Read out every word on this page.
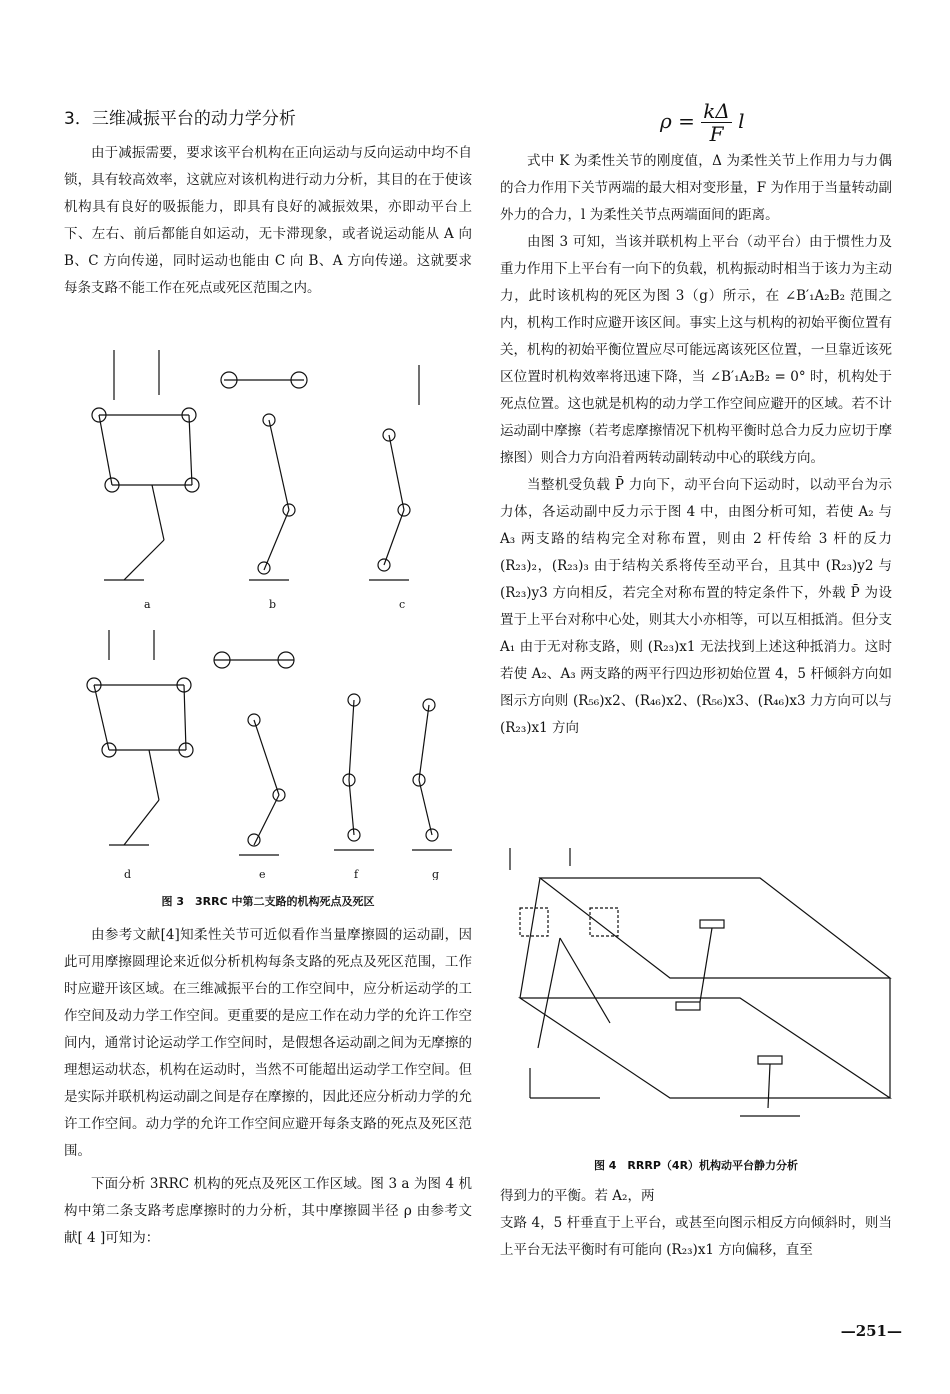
3．三维减振平台的动力学分析	$\rho = \frac{k\Delta}{F}$ l

由于减振需要，要求该平台机构在正向运动与反向运动中均不自锁，具有较高效率，这就应对该机构进行动力分析，其目的在于使该机构具有良好的吸振能力，即具有良好的减振效果，亦即动平台上下、左右、前后都能自如运动，无卡滞现象，或者说运动能从 A 向 B、C 方向传递，同时运动也能由 C 向 B、A 方向传递。这就要求每条支路不能工作在死点或死区范围之内。

a	b	c
d	e	f	g
图 3　3RRC 中第二支路的机构死点及死区

由参考文献[4]知柔性关节可近似看作当量摩擦圆的运动副，因此可用摩擦圆理论来近似分析机构每条支路的死点及死区范围，工作时应避开该区域。在三维减振平台的工作空间中，应分析运动学的工作空间及动力学工作空间。更重要的是应工作在动力学的允许工作空间内，通常讨论运动学工作空间时，是假想各运动副之间为无摩擦的理想运动状态，机构在运动时，当然不可能超出运动学工作空间。但是实际并联机构运动副之间是存在摩擦的，因此还应分析动力学的允许工作空间。动力学的允许工作空间应避开每条支路的死点及死区范围。

下面分析 3RRC 机构的死点及死区工作区域。图 3 a 为图 4 机构中第二条支路考虑摩擦时的力分析，其中摩擦圆半径 ρ 由参考文献[ 4 ]可知为：

式中 K 为柔性关节的刚度值，Δ 为柔性关节上作用力与力偶的合力作用下关节两端的最大相对变形量，F 为作用于当量转动副外力的合力，l 为柔性关节点两端面间的距离。

由图 3 可知，当该并联机构上平台（动平台）由于惯性力及重力作用下上平台有一向下的负载，机构振动时相当于该力为主动力，此时该机构的死区为图 3（g）所示，在 ∠B′₁A₂B₂ 范围之内，机构工作时应避开该区间。事实上这与机构的初始平衡位置有关，机构的初始平衡位置应尽可能远离该死区位置，一旦靠近该死区位置时机构效率将迅速下降，当 ∠B′₁A₂B₂ = 0° 时，机构处于死点位置。这也就是机构的动力学工作空间应避开的区域。若不计运动副中摩擦（若考虑摩擦情况下机构平衡时总合力反力应切于摩擦图）则合力方向沿着两转动副转动中心的联线方向。

当整机受负载 P̄ 力向下，动平台向下运动时，以动平台为示力体，各运动副中反力示于图 4 中，由图分析可知，若使 A₂ 与 A₃ 两支路的结构完全对称布置，则由 2 杆传给 3 杆的反力 (R₂₃)₂，(R₂₃)₃ 由于结构关系将传至动平台，且其中 (R₂₃)y2 与 (R₂₃)y3 方向相反，若完全对称布置的特定条件下，外载 P̄ 为设置于上平台对称中心处，则其大小亦相等，可以互相抵消。但分支 A₁ 由于无对称支路，则 (R₂₃)x1 无法找到上述这种抵消力。这时若使 A₂、A₃ 两支路的两平行四边形初始位置 4，5 杆倾斜方向如图示方向则 (R₅₆)x2、(R₄₆)x2、(R₅₆)x3、(R₄₆)x3 力方向可以与 (R₂₃)x1 方向

图 4　RRRP（4R）机构动平台静力分析

得到力的平衡。若 A₂，两

支路 4，5 杆垂直于上平台，或甚至向图示相反方向倾斜时，则当上平台无法平衡时有可能向 (R₂₃)x1 方向偏移，直至

—251—
